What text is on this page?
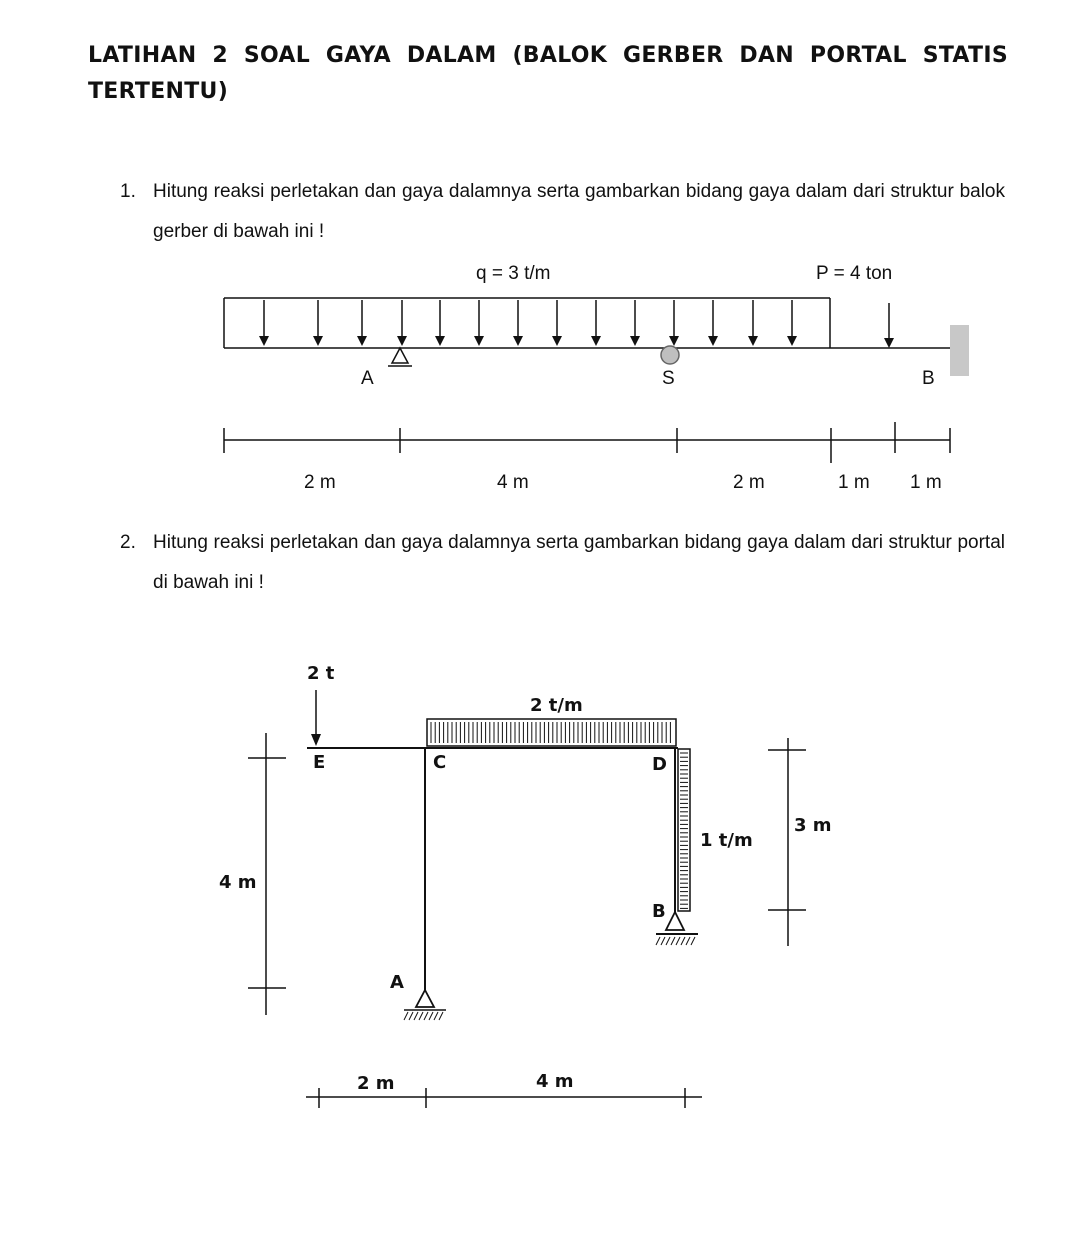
LATIHAN 2 SOAL GAYA DALAM (BALOK GERBER DAN PORTAL STATIS TERTENTU)
1. Hitung reaksi perletakan dan gaya dalamnya serta gambarkan bidang gaya dalam dari struktur balok gerber di bawah ini !
2. Hitung reaksi perletakan dan gaya dalamnya serta gambarkan bidang gaya dalam dari struktur portal di bawah ini !
q = 3 t/m	P = 4 ton
A	S	B
2 m	4 m	2 m	1 m 1 m
2 t
2 t/m
1 t/m
E	C	D
B
A
4 m
3 m
2 m	4 m
